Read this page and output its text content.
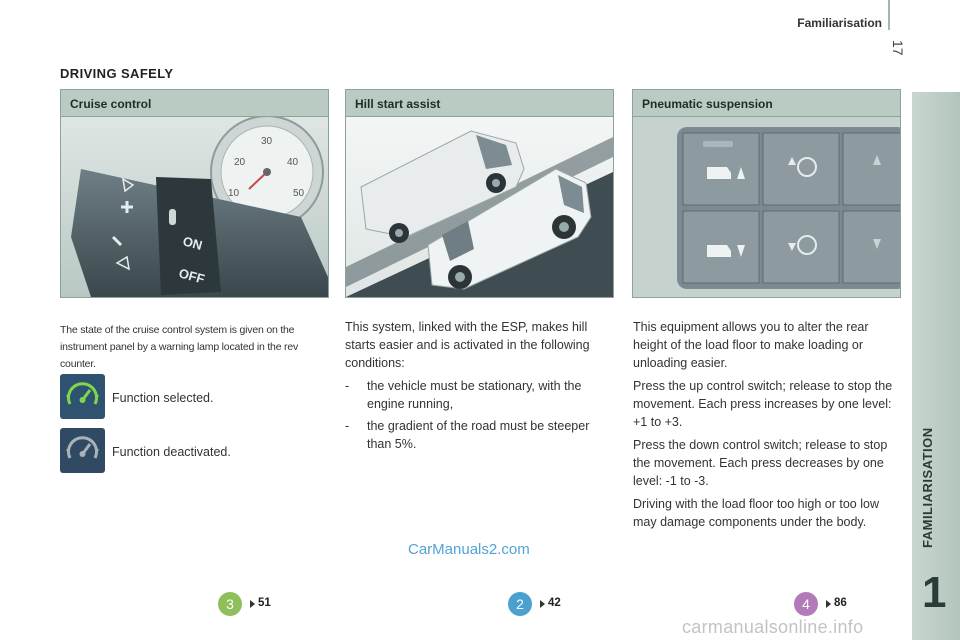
Familiarisation
17
FAMILIARISATION
1
DRIVING SAFELY
Cruise control
10
20
30
40
50
ON
OFF
Hill start assist	Pneumatic suspension
The state of the cruise control system is given on the instrument panel by a warning lamp located in the rev counter.
Function selected.
Function deactivated.

This system, linked with the ESP, makes hill starts easier and is activated in the following conditions:

- the vehicle must be stationary, with the engine running,
- the gradient of the road must be steeper than 5%.

This equipment allows you to alter the rear height of the load floor to make loading or unloading easier.

Press the up control switch; release to stop the movement. Each press increases by one level: +1 to +3.

Press the down control switch; release to stop the movement. Each press decreases by one level: -1 to -3.

Driving with the load floor too high or too low may damage components under the body.

CarManuals2.com
3	51	2	42	4	86
carmanualsonline.info
